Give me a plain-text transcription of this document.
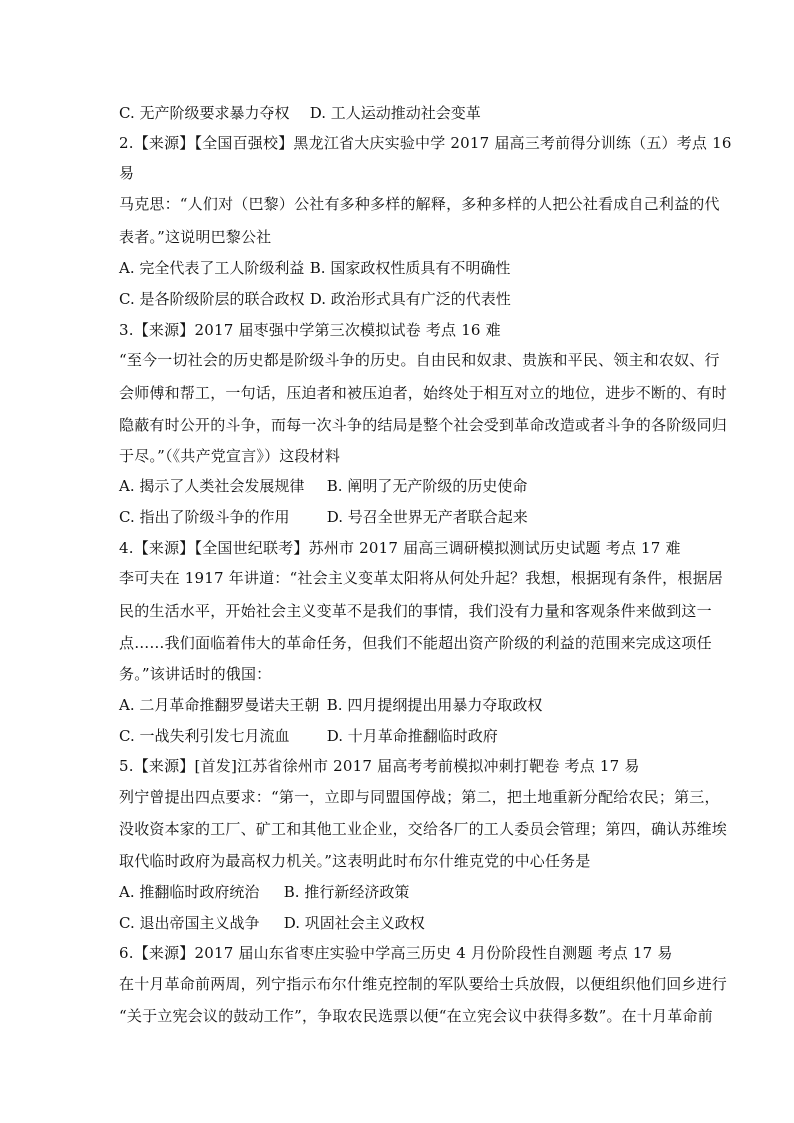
C. 无产阶级要求暴力夺权 D. 工人运动推动社会变革
2.【来源】【全国百强校】黑龙江省大庆实验中学 2017 届高三考前得分训练（五）考点 16
易
马克思：“人们对（巴黎）公社有多种多样的解释，多种多样的人把公社看成自己利益的代
表者。”这说明巴黎公社
A. 完全代表了工人阶级利益 B. 国家政权性质具有不明确性
C. 是各阶级阶层的联合政权 D. 政治形式具有广泛的代表性
3.【来源】2017 届枣强中学第三次模拟试卷 考点 16 难
“至今一切社会的历史都是阶级斗争的历史。自由民和奴隶、贵族和平民、领主和农奴、行
会师傅和帮工，一句话，压迫者和被压迫者，始终处于相互对立的地位，进步不断的、有时
隐蔽有时公开的斗争，而每一次斗争的结局是整个社会受到革命改造或者斗争的各阶级同归
于尽。”（《共产党宣言》）这段材料
A. 揭示了人类社会发展规律 B. 阐明了无产阶级的历史使命
C. 指出了阶级斗争的作用 D. 号召全世界无产者联合起来
4.【来源】【全国世纪联考】苏州市 2017 届高三调研模拟测试历史试题 考点 17 难
李可夫在 1917 年讲道：“社会主义变革太阳将从何处升起？我想，根据现有条件，根据居
民的生活水平，开始社会主义变革不是我们的事情，我们没有力量和客观条件来做到这一
点……我们面临着伟大的革命任务，但我们不能超出资产阶级的利益的范围来完成这项任
务。”该讲话时的俄国：
A. 二月革命推翻罗曼诺夫王朝 B. 四月提纲提出用暴力夺取政权
C. 一战失利引发七月流血 D. 十月革命推翻临时政府
5.【来源】[首发]江苏省徐州市 2017 届高考考前模拟冲刺打靶卷 考点 17 易
列宁曾提出四点要求：“第一，立即与同盟国停战；第二，把土地重新分配给农民；第三，
没收资本家的工厂、矿工和其他工业企业，交给各厂的工人委员会管理；第四，确认苏维埃
取代临时政府为最高权力机关。”这表明此时布尔什维克党的中心任务是
A. 推翻临时政府统治 B. 推行新经济政策
C. 退出帝国主义战争 D. 巩固社会主义政权
6.【来源】2017 届山东省枣庄实验中学高三历史 4 月份阶段性自测题 考点 17 易
在十月革命前两周，列宁指示布尔什维克控制的军队要给士兵放假，以便组织他们回乡进行
“关于立宪会议的鼓动工作”，争取农民选票以便“在立宪会议中获得多数”。在十月革命前
